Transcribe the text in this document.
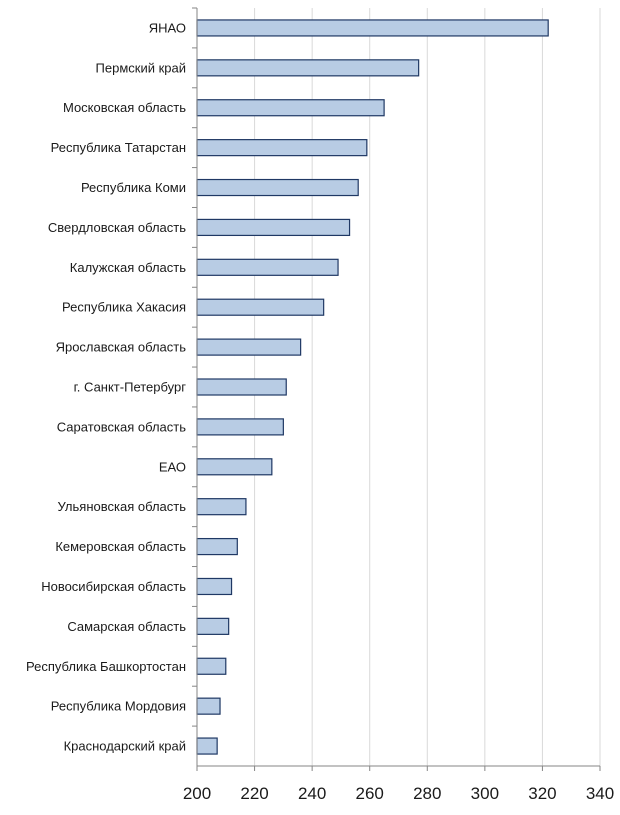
ЯНАО
Пермский край
Московская область
Республика Татарстан
Республика Коми
Свердловская область
Калужская область
Республика Хакасия
Ярославская область
г. Санкт-Петербург
Саратовская область
ЕАО
Ульяновская область
Кемеровская область
Новосибирская область
Самарская область
Республика Башкортостан
Республика Мордовия
Краснодарский край
200 220 240 260 280 300 320 340
